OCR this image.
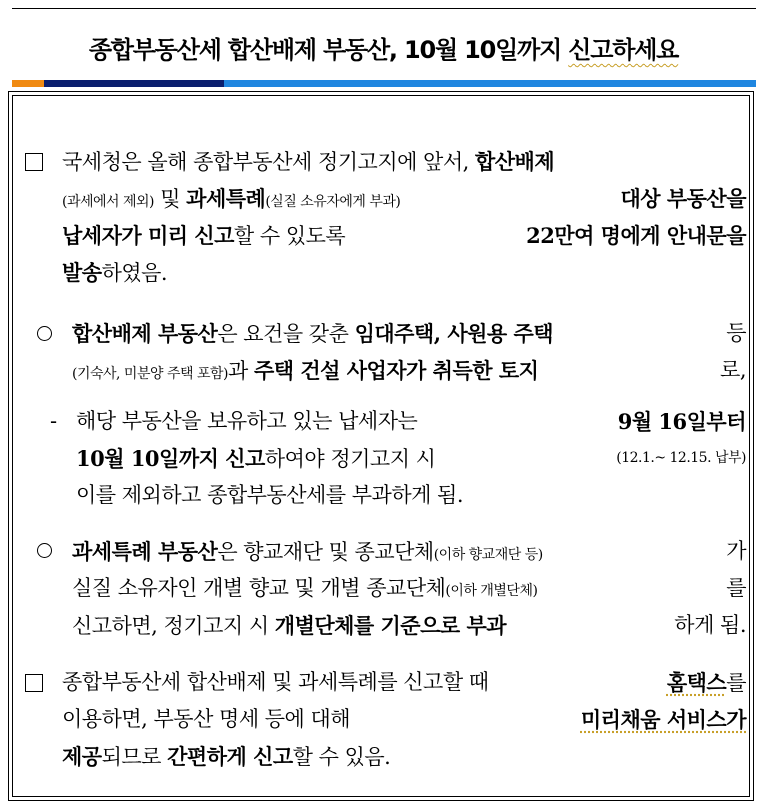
종합부동산세 합산배제 부동산, 10월 10일까지 신고하세요
국세청은 올해 종합부동산세 정기고지에 앞서, 합산배제
(과세에서 제외) 및 과세특례(실질 소유자에게 부과)	대상 부동산을
납세자가 미리 신고할 수 있도록	22만여 명에게 안내문을
발송하였음.
합산배제 부동산은 요건을 갖춘 임대주택, 사원용 주택	등
(기숙사, 미분양 주택 포함)과 주택 건설 사업자가 취득한 토지	로,
- 해당 부동산을 보유하고 있는 납세자는	9월 16일부터
10월 10일까지 신고하여야 정기고지 시	(12.1.~ 12.15. 납부)
이를 제외하고 종합부동산세를 부과하게 됨.
과세특례 부동산은 향교재단 및 종교단체(이하 향교재단 등)	가
실질 소유자인 개별 향교 및 개별 종교단체(이하 개별단체)	를
신고하면, 정기고지 시 개별단체를 기준으로 부과	하게 됨.
종합부동산세 합산배제 및 과세특례를 신고할 때	홈택스를
이용하면, 부동산 명세 등에 대해	미리채움 서비스가
제공되므로 간편하게 신고할 수 있음.
